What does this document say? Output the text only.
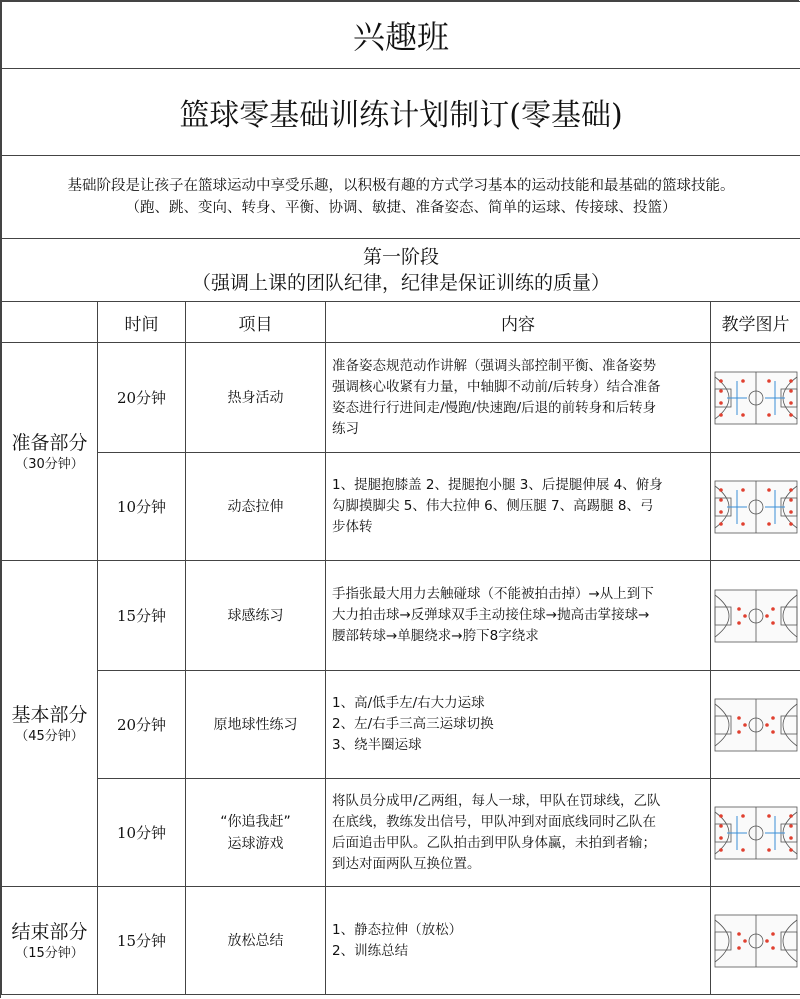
兴趣班				
篮球零基础训练计划制订(零基础)				

基础阶段是让孩子在篮球运动中享受乐趣，以积极有趣的方式学习基本的运动技能和最基础的篮球技能。
（跑、跳、变向、转身、平衡、协调、敏捷、准备姿态、简单的运球、传接球、投篮）				

第一阶段
（强调上课的团队纪律，纪律是保证训练的质量）				

	时间	项目	内容	教学图片

准备部分
（30分钟）	20分钟	热身活动	准备姿态规范动作讲解（强调头部控制平衡、准备姿势
强调核心收紧有力量，中轴脚不动前/后转身）结合准备
姿态进行行进间走/慢跑/快速跑/后退的前转身和后转身
练习

	10分钟	动态拉伸	1、提腿抱膝盖 2、提腿抱小腿 3、后提腿伸展 4、俯身
勾脚摸脚尖 5、伟大拉伸 6、侧压腿 7、高踢腿 8、弓
步体转

基本部分
（45分钟）	15分钟	球感练习	手指张最大用力去触碰球（不能被拍击掉）→从上到下
大力拍击球→反弹球双手主动接住球→抛高击掌接球→
腰部转球→单腿绕求→胯下8字绕求

	20分钟	原地球性练习	1、高/低手左/右大力运球
2、左/右手三高三运球切换
3、绕半圈运球

	10分钟	“你追我赶”
运球游戏	将队员分成甲/乙两组，每人一球，甲队在罚球线，乙队
在底线，教练发出信号，甲队冲到对面底线同时乙队在
后面追击甲队。乙队拍击到甲队身体赢，未拍到者输；
到达对面两队互换位置。

结束部分
（15分钟）	15分钟	放松总结	1、静态拉伸（放松）
2、训练总结
